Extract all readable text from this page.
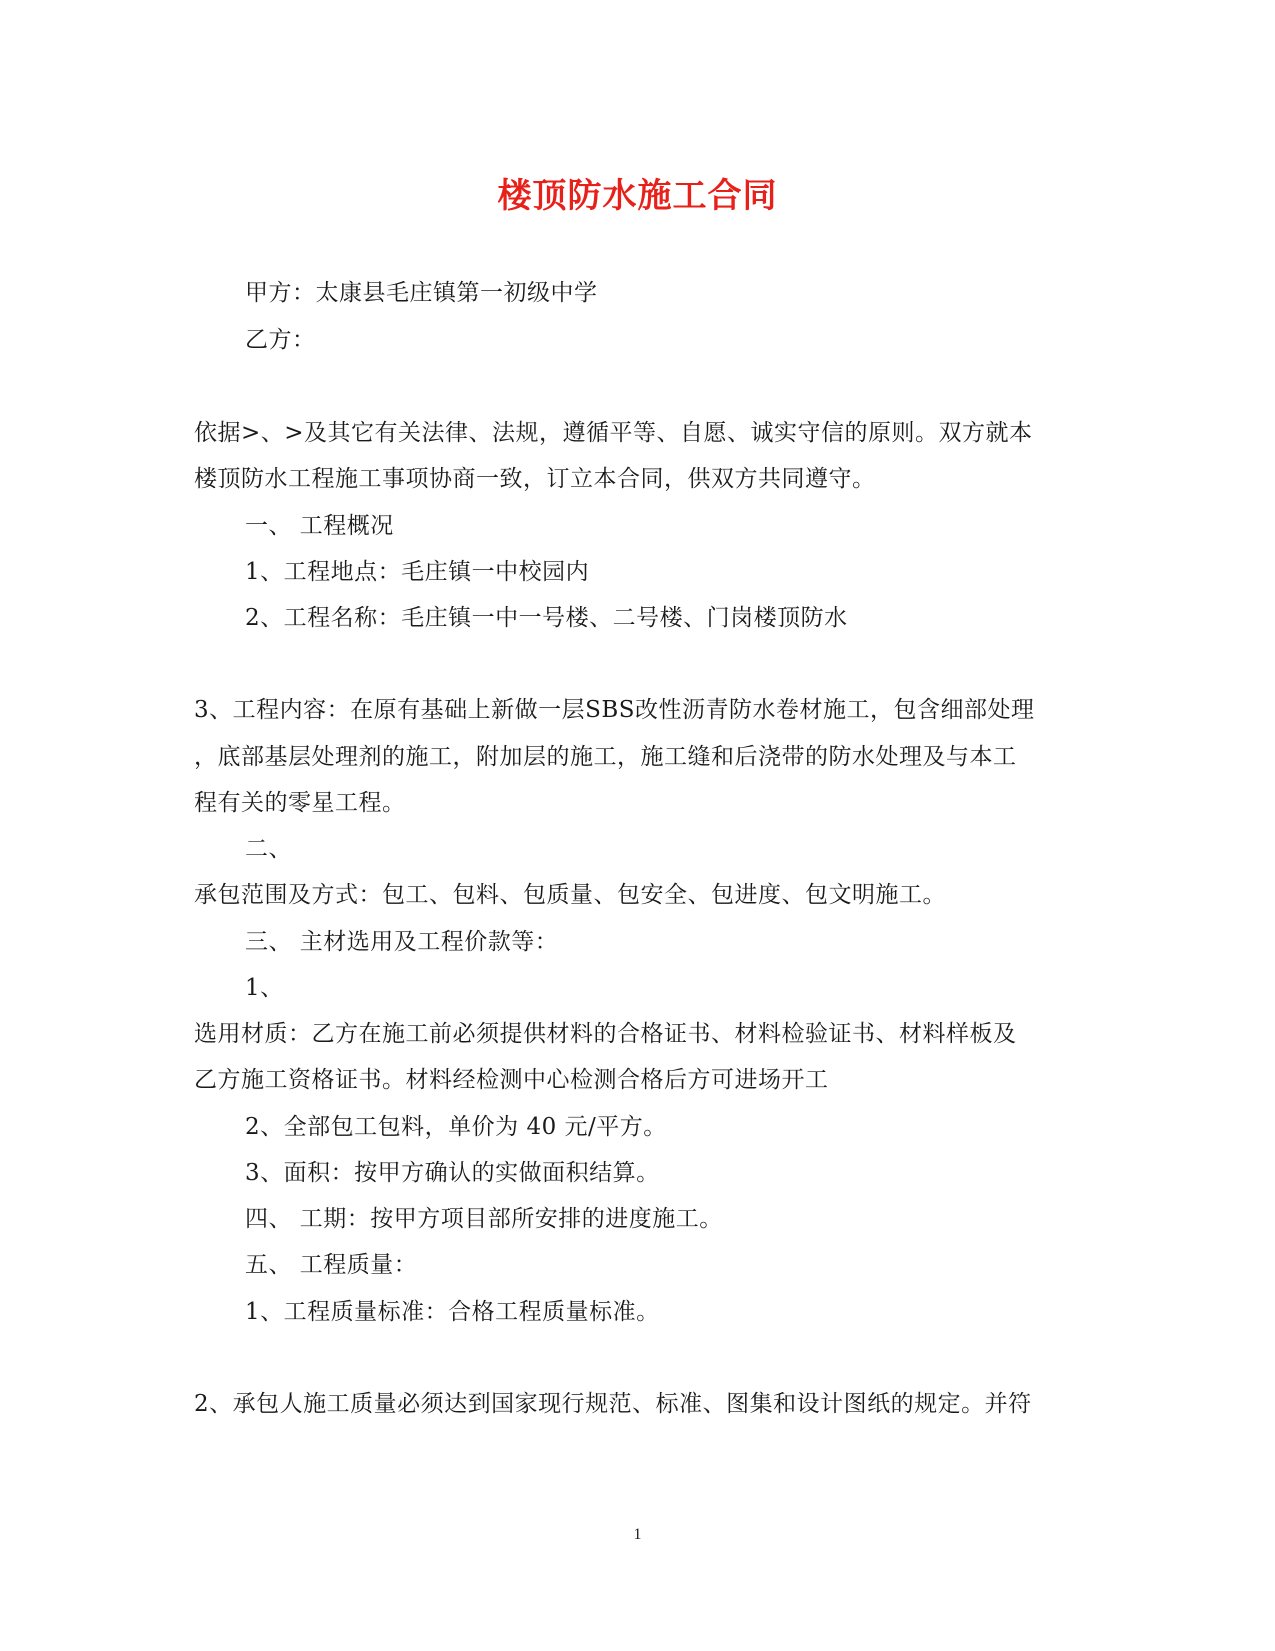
楼顶防水施工合同
甲方：太康县毛庄镇第一初级中学
乙方：
依据>、>及其它有关法律、法规，遵循平等、自愿、诚实守信的原则。双方就本
楼顶防水工程施工事项协商一致，订立本合同，供双方共同遵守。
一、 工程概况
1、工程地点：毛庄镇一中校园内
2、工程名称：毛庄镇一中一号楼、二号楼、门岗楼顶防水
3、工程内容：在原有基础上新做一层SBS改性沥青防水卷材施工，包含细部处理
，底部基层处理剂的施工，附加层的施工，施工缝和后浇带的防水处理及与本工
程有关的零星工程。
二、
承包范围及方式：包工、包料、包质量、包安全、包进度、包文明施工。
三、 主材选用及工程价款等：
1、
选用材质：乙方在施工前必须提供材料的合格证书、材料检验证书、材料样板及
乙方施工资格证书。材料经检测中心检测合格后方可进场开工
2、全部包工包料，单价为 40 元/平方。
3、面积：按甲方确认的实做面积结算。
四、 工期：按甲方项目部所安排的进度施工。
五、 工程质量：
1、工程质量标准：合格工程质量标准。
2、承包人施工质量必须达到国家现行规范、标准、图集和设计图纸的规定。并符
1
